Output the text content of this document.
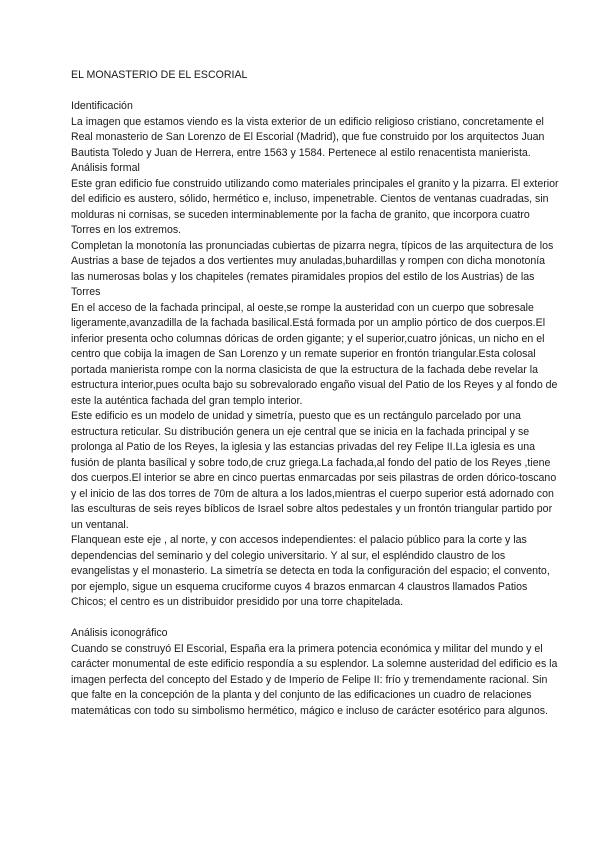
EL MONASTERIO DE EL ESCORIAL
Identificación
La imagen que estamos viendo es la vista exterior de un edificio religioso cristiano, concretamente el Real monasterio de San Lorenzo de El Escorial (Madrid), que fue construido por los arquitectos Juan Bautista Toledo y Juan de Herrera, entre 1563 y 1584. Pertenece al estilo renacentista manierista.
Análisis formal
Este gran edificio fue construido utilizando como materiales principales el granito y la pizarra. El exterior del edificio es austero, sólido, hermético e, incluso, impenetrable. Cientos de ventanas cuadradas, sin molduras ni cornisas, se suceden interminablemente por la facha de granito, que incorpora cuatro Torres en los extremos.
Completan la monotonía las pronunciadas cubiertas de pizarra negra, típicos de las arquitectura de los Austrias a base de tejados a dos vertientes muy anuladas,buhardillas y rompen con dicha monotonía las numerosas bolas y los chapiteles (remates piramidales propios del estilo de los Austrias) de las Torres
En el acceso de la fachada principal, al oeste,se rompe la austeridad con un cuerpo que sobresale ligeramente,avanzadilla de la fachada basilical.Está formada por un amplio pórtico de dos cuerpos.El inferior presenta ocho columnas dóricas de orden gigante; y el superior,cuatro jónicas, un nicho en el centro que cobija la imagen de San Lorenzo y un remate superior en frontón triangular.Esta colosal portada manierista rompe con la norma clasicista de que la estructura de la fachada debe revelar la estructura interior,pues oculta bajo su sobrevalorado engaño visual del Patio de los Reyes y al fondo de este la auténtica fachada del gran templo interior.
Este edificio es un modelo de unidad y simetría, puesto que es un rectángulo parcelado por una estructura reticular. Su distribución genera un eje central que se inicia en la fachada principal y se prolonga al Patio de los Reyes, la iglesia y las estancias privadas del rey Felipe II.La iglesia es una fusión de planta basílical y sobre todo,de cruz griega.La fachada,al fondo del patio de los Reyes ,tiene dos cuerpos.El interior se abre en cinco puertas enmarcadas por seis pilastras de orden dórico-toscano y el inicio de las dos torres de 70m de altura a los lados,mientras el cuerpo superior está adornado con las esculturas de seis reyes bíblicos de Israel sobre altos pedestales y un frontón triangular partido por un ventanal.
Flanquean este eje , al norte, y con accesos independientes: el palacio público para la corte y las dependencias del seminario y del colegio universitario. Y al sur, el espléndido claustro de los evangelistas y el monasterio. La simetría se detecta en toda la configuración del espacio; el convento, por ejemplo, sigue un esquema cruciforme cuyos 4 brazos enmarcan 4 claustros llamados Patios Chicos; el centro es un distribuidor presidido por una torre chapitelada.
Análisis iconográfico
Cuando se construyó El Escorial, España era la primera potencia económica y militar del mundo y el carácter monumental de este edificio respondía a su esplendor. La solemne austeridad del edificio es la imagen perfecta del concepto del Estado y de Imperio de Felipe II: frío y tremendamente racional. Sin que falte en la concepción de la planta y del conjunto de las edificaciones un cuadro de relaciones matemáticas con todo su simbolismo hermético, mágico e incluso de carácter esotérico para algunos.
